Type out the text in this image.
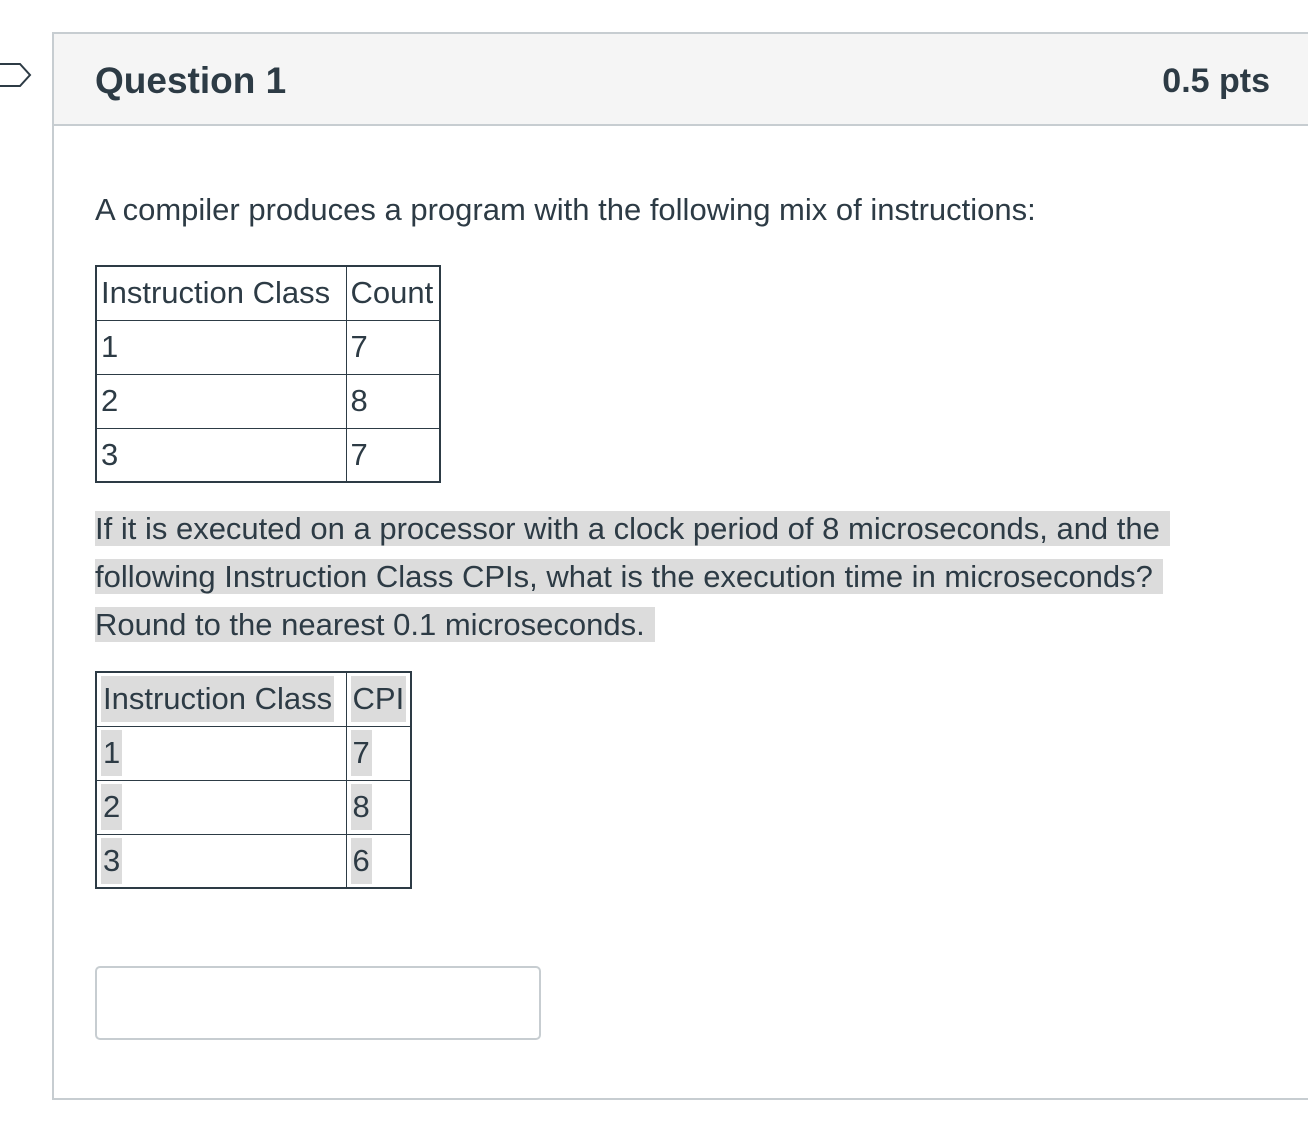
Question 1	0.5 pts

A compiler produces a program with the following mix of instructions:

Instruction Class	Count
1	7
2	8
3	7

If it is executed on a processor with a clock period of 8 microseconds, and the
following Instruction Class CPIs, what is the execution time in microseconds?
Round to the nearest 0.1 microseconds.

Instruction Class	CPI
1	7
2	8
3	6
